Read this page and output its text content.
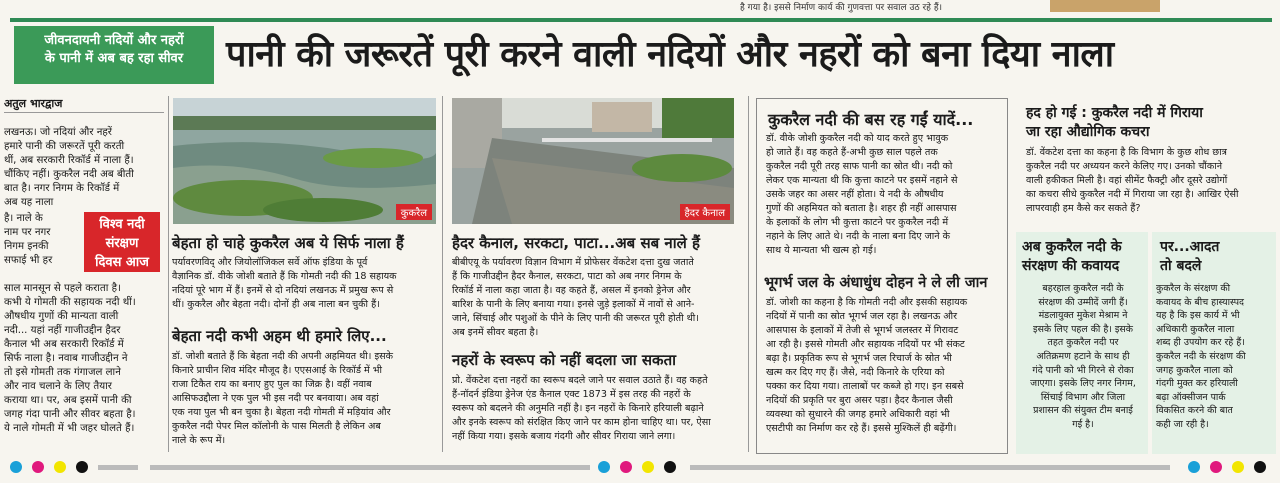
है गया है। इससे निर्माण कार्य की गुणवत्ता पर सवाल उठ रहे हैं।
जीवनदायनी नदियों और नहरों
के पानी में अब बह रहा सीवर	पानी की जरूरतें पूरी करने वाली नदियों और नहरों को बना दिया नाला
अतुल भारद्वाज

लखनऊ। जो नदियां और नहरें
हमारे पानी की जरूरतें पूरी करती
थीं, अब सरकारी रिकॉर्ड में नाला हैं।
चौंकिए नहीं। कुकरैल नदी अब बीती
बात है। नगर निगम के रिकॉर्ड में
अब यह नाला

है। नाले के
नाम पर नगर
निगम इनकी
सफाई भी हर

विश्व नदी
संरक्षण
दिवस आज

साल मानसून से पहले कराता है।
कभी ये गोमती की सहायक नदी थीं।
औषधीय गुणों की मान्यता वाली
नदी... यहां नहीं गाजीउद्दीन हैदर
कैनाल भी अब सरकारी रिकॉर्ड में
सिर्फ नाला है। नवाब गाजीउद्दीन ने
तो इसे गोमती तक गंगाजल लाने
और नाव चलाने के लिए तैयार
कराया था। पर, अब इसमें पानी की
जगह गंदा पानी और सीवर बहता है।
ये नाले गोमती में भी जहर घोलते हैं।

कुकरैल	हैदर कैनाल
बेहता हो चाहे कुकरैल अब ये सिर्फ नाला हैं

पर्यावरणविद् और जियोलॉजिकल सर्वे ऑफ इंडिया के पूर्व
वैज्ञानिक डॉ. वीके जोशी बताते हैं कि गोमती नदी की 18 सहायक
नदियां पूरे भाग में हैं। इनमें से दो नदियां लखनऊ में प्रमुख रूप से
थीं। कुकरैल और बेहता नदी। दोनों ही अब नाला बन चुकी हैं।

बेहता नदी कभी अहम थी हमारे लिए...

डॉ. जोशी बताते हैं कि बेहता नदी की अपनी अहमियत थी। इसके
किनारे प्राचीन शिव मंदिर मौजूद है। एएसआई के रिकॉर्ड में भी
राजा टिकैत राय का बनाए हुए पुल का जिक्र है। वहीं नवाब
आसिफउद्दौला ने एक पुल भी इस नदी पर बनवाया। अब वहां
एक नया पुल भी बन चुका है। बेहता नदी गोमती में मड़ियांव और
कुकरैल नदी पेपर मिल कॉलोनी के पास मिलती है लेकिन अब
नाले के रूप में।

हैदर कैनाल, सरकटा, पाटा...अब सब नाले हैं

बीबीएयू के पर्यावरण विज्ञान विभाग में प्रोफेसर वेंकटेश दत्ता दुख जताते
हैं कि गाजीउद्दीन हैदर कैनाल, सरकटा, पाटा को अब नगर निगम के
रिकॉर्ड में नाला कहा जाता है। वह कहते हैं, असल में इनको ड्रेनेज और
बारिश के पानी के लिए बनाया गया। इनसे जुड़े इलाकों में नावों से आने-
जाने, सिंचाई और पशुओं के पीने के लिए पानी की जरूरत पूरी होती थी।
अब इनमें सीवर बहता है।

नहरों के स्वरूप को नहीं बदला जा सकता

प्रो. वेंकटेश दत्ता नहरों का स्वरूप बदले जाने पर सवाल उठाते हैं। वह कहते
हैं-नॉदर्न इंडिया ड्रेनेज एंड कैनाल एक्ट 1873 में इस तरह की नहरों के
स्वरूप को बदलने की अनुमति नहीं है। इन नहरों के किनारे हरियाली बढ़ाने
और इनके स्वरूप को संरक्षित किए जाने पर काम होना चाहिए था। पर, ऐसा
नहीं किया गया। इसके बजाय गंदगी और सीवर गिराया जाने लगा।

कुकरैल नदी की बस रह गईं यादें...

डॉ. वीके जोशी कुकरैल नदी को याद करते हुए भावुक
हो जाते हैं। वह कहते हैं-अभी कुछ साल पहले तक
कुकरैल नदी पूरी तरह साफ पानी का स्रोत थी। नदी को
लेकर एक मान्यता थी कि कुत्ता काटने पर इसमें नहाने से
उसके जहर का असर नहीं होता। ये नदी के औषधीय
गुणों की अहमियत को बताता है। शहर ही नहीं आसपास
के इलाकों के लोग भी कुत्ता काटने पर कुकरैल नदी में
नहाने के लिए आते थे। नदी के नाला बना दिए जाने के
साथ ये मान्यता भी खत्म हो गई।

भूगर्भ जल के अंधाधुंध दोहन ने ले ली जान

डॉ. जोशी का कहना है कि गोमती नदी और इसकी सहायक
नदियों में पानी का स्रोत भूगर्भ जल रहा है। लखनऊ और
आसपास के इलाकों में तेजी से भूगर्भ जलस्तर में गिरावट
आ रही है। इससे गोमती और सहायक नदियों पर भी संकट
बढ़ा है। प्रकृतिक रूप से भूगर्भ जल रिचार्ज के स्रोत भी
खत्म कर दिए गए हैं। जैसे, नदी किनारे के एरिया को
पक्का कर दिया गया। तालाबों पर कब्जे हो गए। इन सबसे
नदियों की प्रकृति पर बुरा असर पड़ा। हैदर कैनाल जैसी
व्यवस्था को सुधारने की जगह हमारे अधिकारी वहां भी
एसटीपी का निर्माण कर रहे हैं। इससे मुश्किलें ही बढ़ेंगी।

हद हो गई : कुकरैल नदी में गिराया
जा रहा औद्योगिक कचरा

डॉ. वेंकटेश दत्ता का कहना है कि विभाग के कुछ शोध छात्र
कुकरैल नदी पर अध्ययन करने केलिए गए। उनको चौंकाने
वाली हकीकत मिली है। वहां सीमेंट फैक्ट्री और दूसरे उद्योगों
का कचरा सीधे कुकरैल नदी में गिराया जा रहा है। आखिर ऐसी
लापरवाही हम कैसे कर सकते हैं?

अब कुकरैल नदी के
संरक्षण की कवायद

बहरहाल कुकरैल नदी के
संरक्षण की उम्मीदें जगी हैं।
मंडलायुक्त मुकेश मेश्राम ने
इसके लिए पहल की है। इसके
तहत कुकरैल नदी पर
अतिक्रमण हटाने के साथ ही
गंदे पानी को भी गिरने से रोका
जाएगा। इसके लिए नगर निगम,
सिंचाई विभाग और जिला
प्रशासन की संयुक्त टीम बनाई
गई है।

पर...आदत
तो बदले

कुकरैल के संरक्षण की
कवायद के बीच हास्यास्पद
यह है कि इस कार्य में भी
अधिकारी कुकरैल नाला
शब्द ही उपयोग कर रहे हैं।
कुकरैल नदी के संरक्षण की
जगह कुकरैल नाला को
गंदगी मुक्त कर हरियाली
बढ़ा ऑक्सीजन पार्क
विकसित करने की बात
कही जा रही है।
